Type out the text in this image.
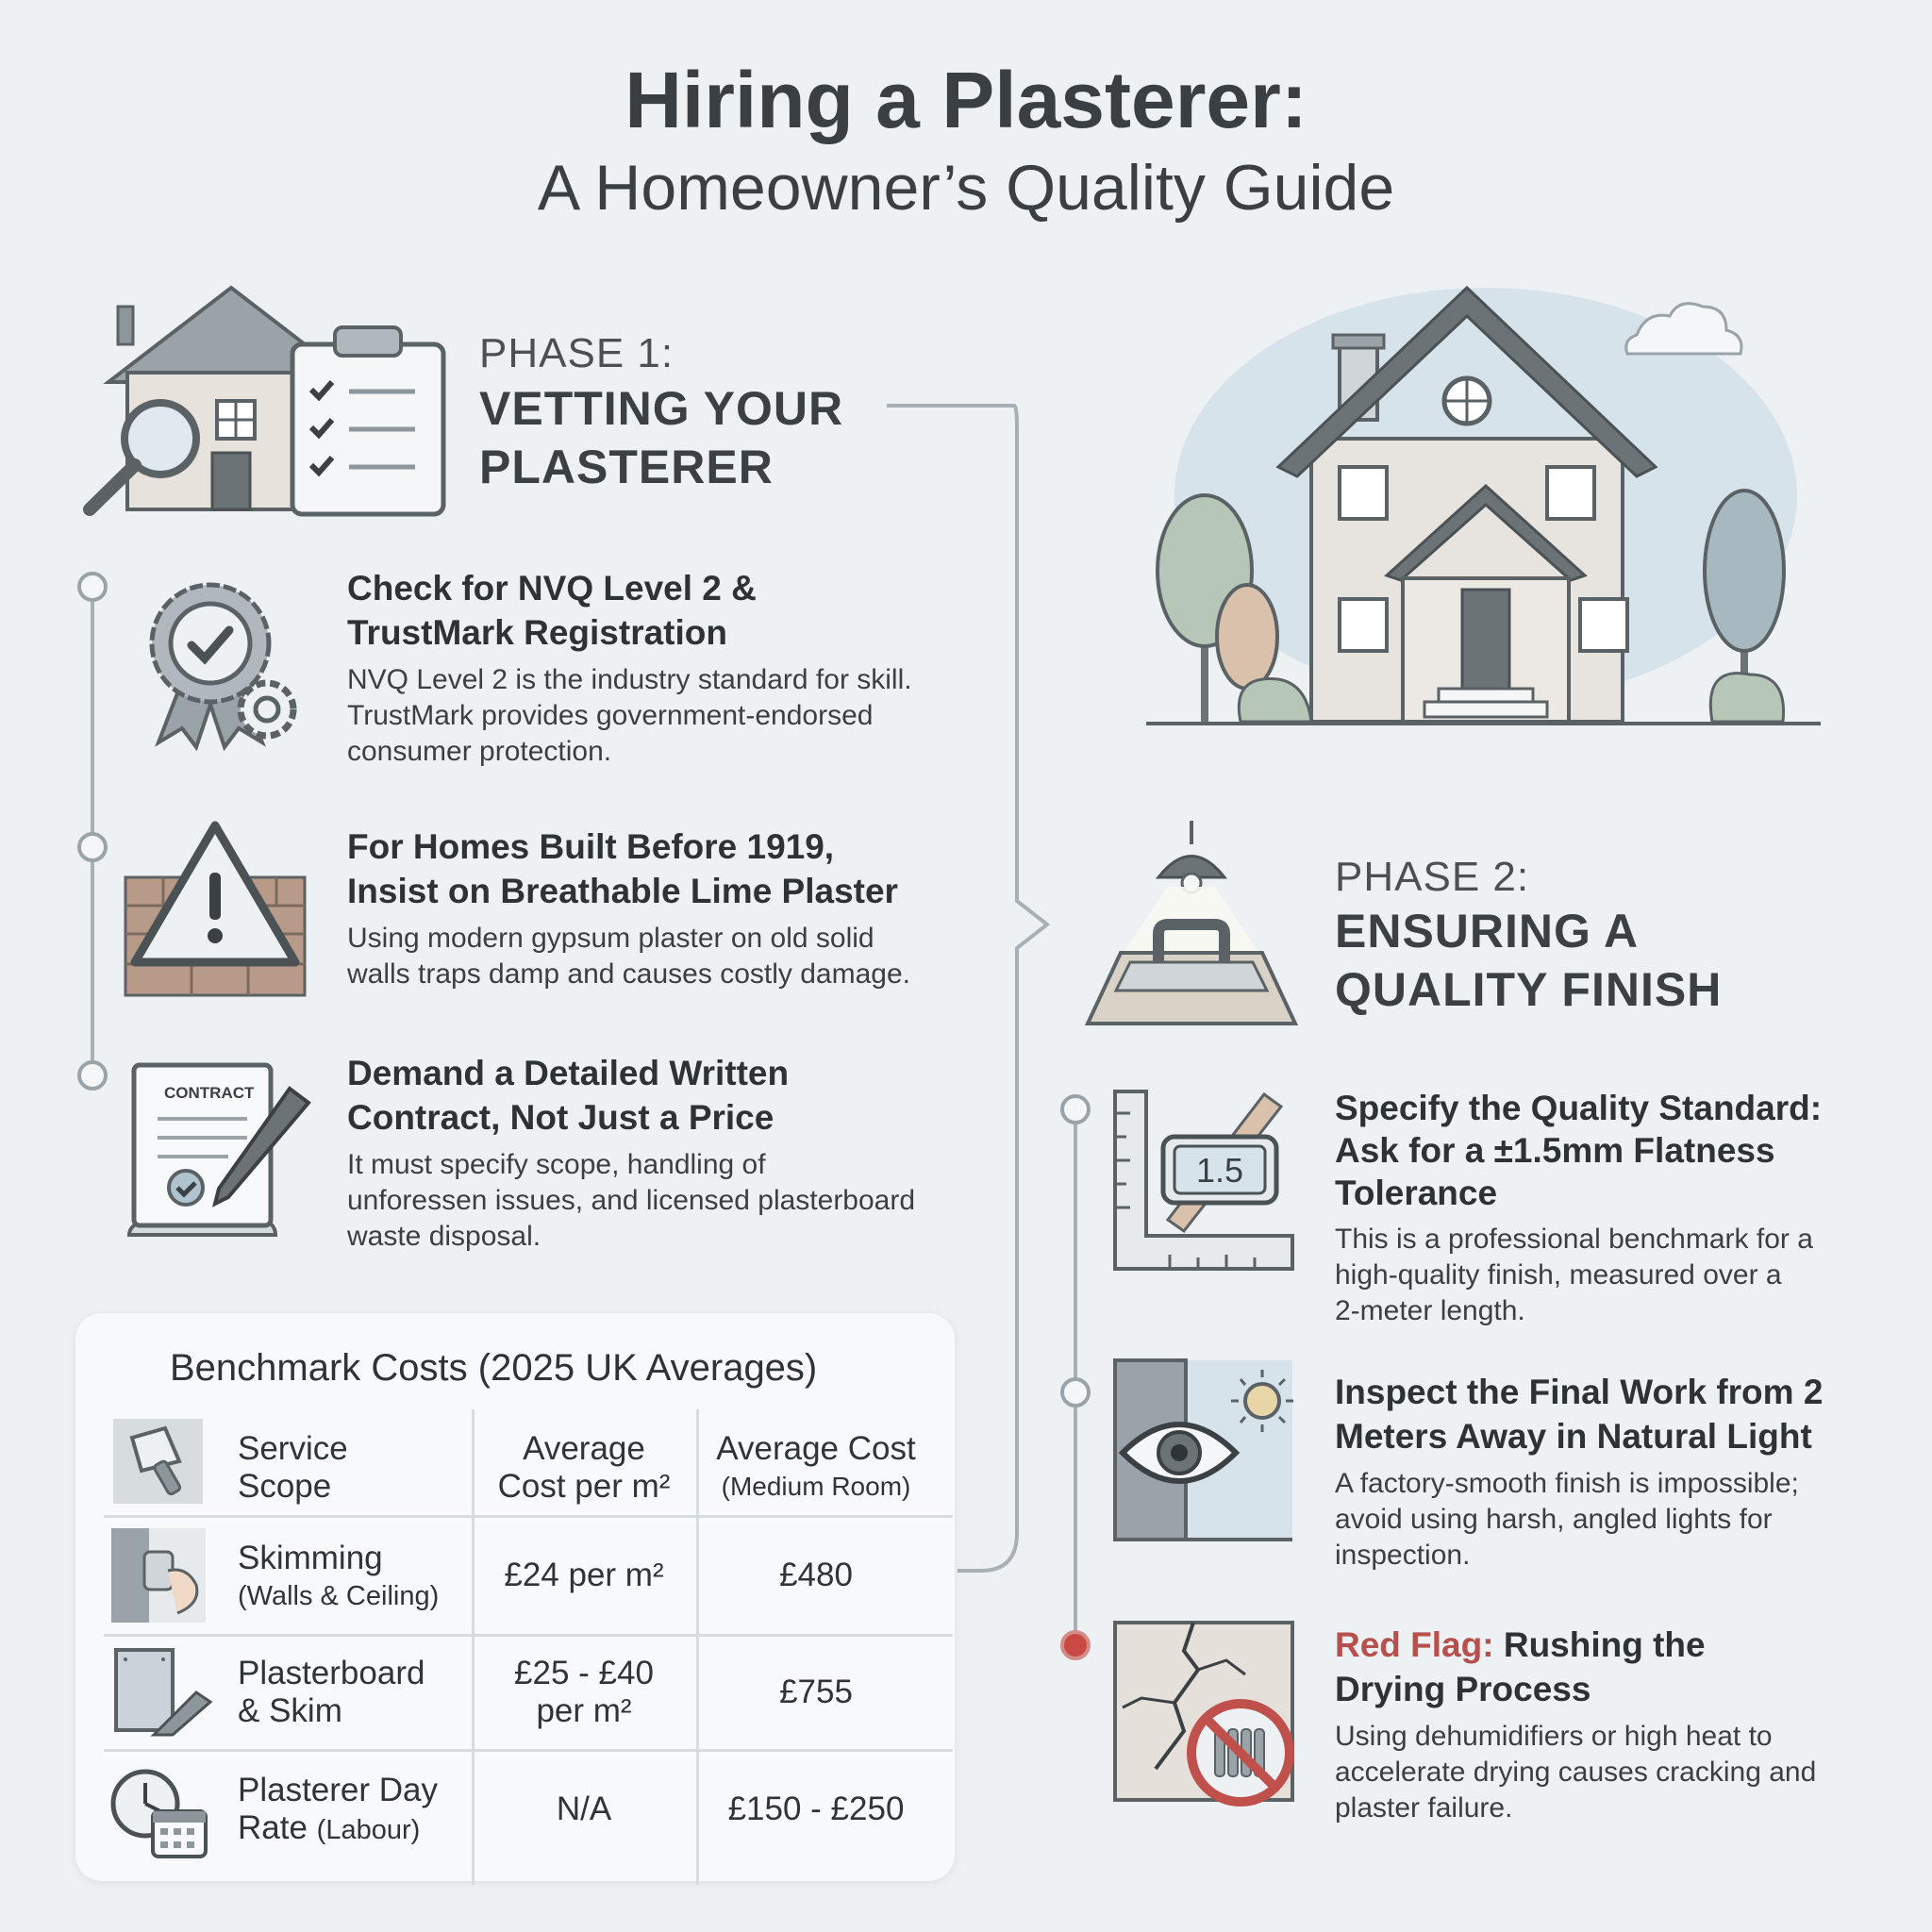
Hiring a Plasterer:
A Homeowner’s Quality Guide
PHASE 1:
VETTING YOUR
PLASTERER
Check for NVQ Level 2 &
TrustMark Registration
NVQ Level 2 is the industry standard for skill.
TrustMark provides government-endorsed
consumer protection.
For Homes Built Before 1919,
Insist on Breathable Lime Plaster
Using modern gypsum plaster on old solid
walls traps damp and causes costly damage.
CONTRACT
Demand a Detailed Written
Contract, Not Just a Price
It must specify scope, handling of
unforessen issues, and licensed plasterboard
waste disposal.
Benchmark Costs (2025 UK Averages)
Service
Scope
Average
Cost per m²
Average Cost
(Medium Room)
Skimming
(Walls & Ceiling)
£24 per m²	£480
Plasterboard
& Skim
£25 - £40
per m²
£755
Plasterer Day
Rate (Labour)
N/A	£150 - £250
PHASE 2:
ENSURING A
QUALITY FINISH
1.5
Specify the Quality Standard:
Ask for a ±1.5mm Flatness
Tolerance
This is a professional benchmark for a
high-quality finish, measured over a
2-meter length.
Inspect the Final Work from 2
Meters Away in Natural Light
A factory-smooth finish is impossible;
avoid using harsh, angled lights for
inspection.
Red Flag: Rushing the
Drying Process
Using dehumidifiers or high heat to
accelerate drying causes cracking and
plaster failure.
